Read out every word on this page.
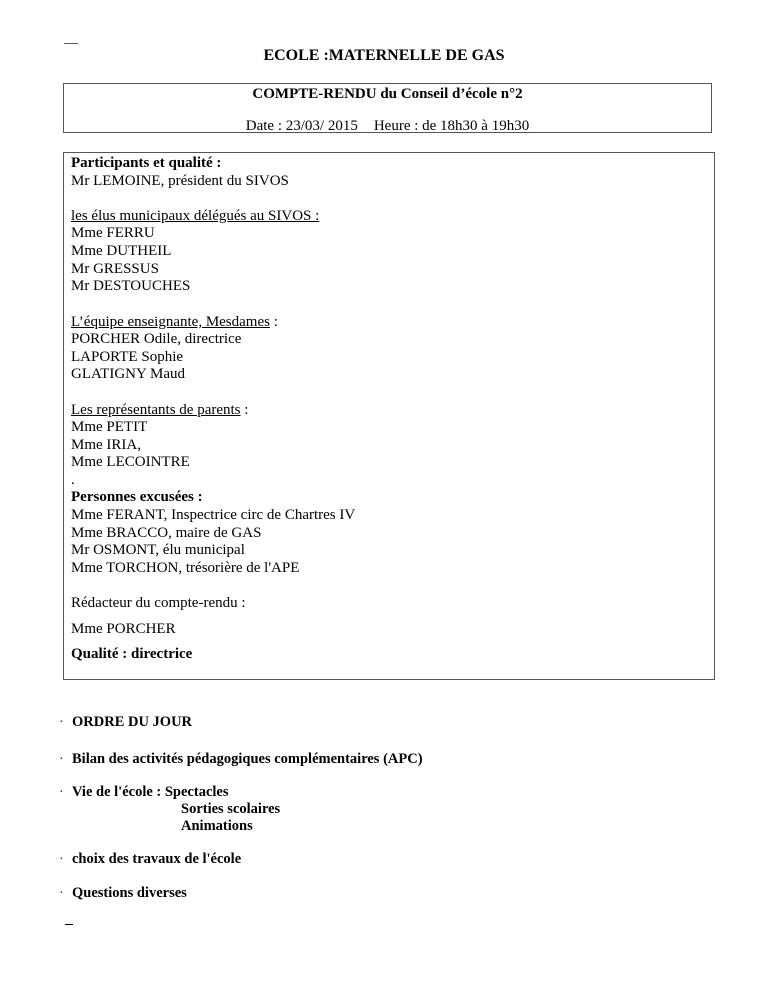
ECOLE :MATERNELLE DE GAS
COMPTE-RENDU du Conseil d’école n°2
Date : 23/03/ 2015 Heure : de 18h30 à 19h30
Participants et qualité :
Mr LEMOINE, président du SIVOS
les élus municipaux délégués au SIVOS :
Mme FERRU
Mme DUTHEIL
Mr GRESSUS
Mr DESTOUCHES
L’équipe enseignante, Mesdames :
PORCHER Odile, directrice
LAPORTE Sophie
GLATIGNY Maud
Les représentants de parents :
Mme PETIT
Mme IRIA,
Mme LECOINTRE
.
Personnes excusées :
Mme FERANT, Inspectrice circ de Chartres IV
Mme BRACCO, maire de GAS
Mr OSMONT, élu municipal
Mme TORCHON, trésorière de l'APE
Rédacteur du compte-rendu :
Mme PORCHER
Qualité : directrice
· ORDRE DU JOUR
· Bilan des activités pédagogiques complémentaires (APC)
· Vie de l'école : Spectacles
Sorties scolaires
Animations
· choix des travaux de l'école
· Questions diverses
